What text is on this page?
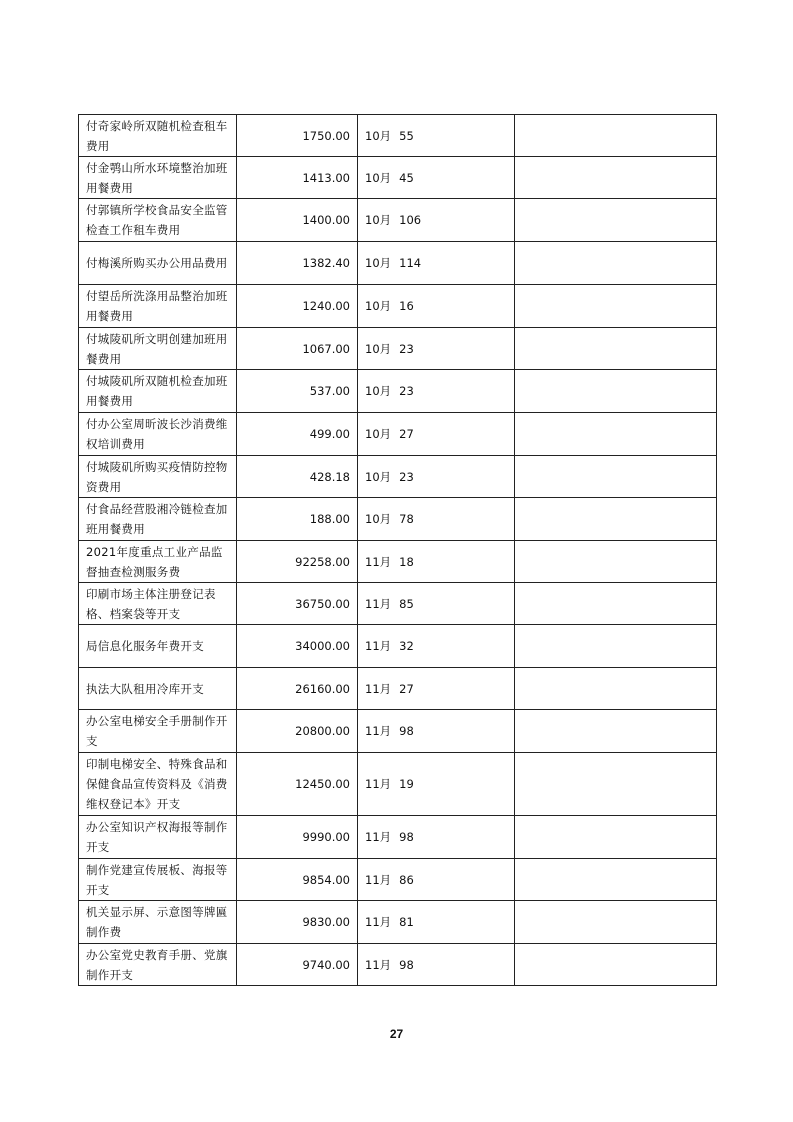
付奇家岭所双随机检查租车费用	1750.00	10月 55	
付金鹗山所水环境整治加班用餐费用	1413.00	10月 45	
付郭镇所学校食品安全监管检查工作租车费用	1400.00	10月 106	
付梅溪所购买办公用品费用	1382.40	10月 114	
付望岳所洗涤用品整治加班用餐费用	1240.00	10月 16	
付城陵矶所文明创建加班用餐费用	1067.00	10月 23	
付城陵矶所双随机检查加班用餐费用	537.00	10月 23	
付办公室周昕波长沙消费维权培训费用	499.00	10月 27	
付城陵矶所购买疫情防控物资费用	428.18	10月 23	
付食品经营股湘冷链检查加班用餐费用	188.00	10月 78	
2021年度重点工业产品监督抽查检测服务费	92258.00	11月 18	
印刷市场主体注册登记表格、档案袋等开支	36750.00	11月 85	
局信息化服务年费开支	34000.00	11月 32	
执法大队租用冷库开支	26160.00	11月 27	
办公室电梯安全手册制作开支	20800.00	11月 98	
印制电梯安全、特殊食品和保健食品宣传资料及《消费维权登记本》开支	12450.00	11月 19	
办公室知识产权海报等制作开支	9990.00	11月 98	
制作党建宣传展板、海报等开支	9854.00	11月 86	
机关显示屏、示意图等牌匾制作费	9830.00	11月 81	
办公室党史教育手册、党旗制作开支	9740.00	11月 98	
27
